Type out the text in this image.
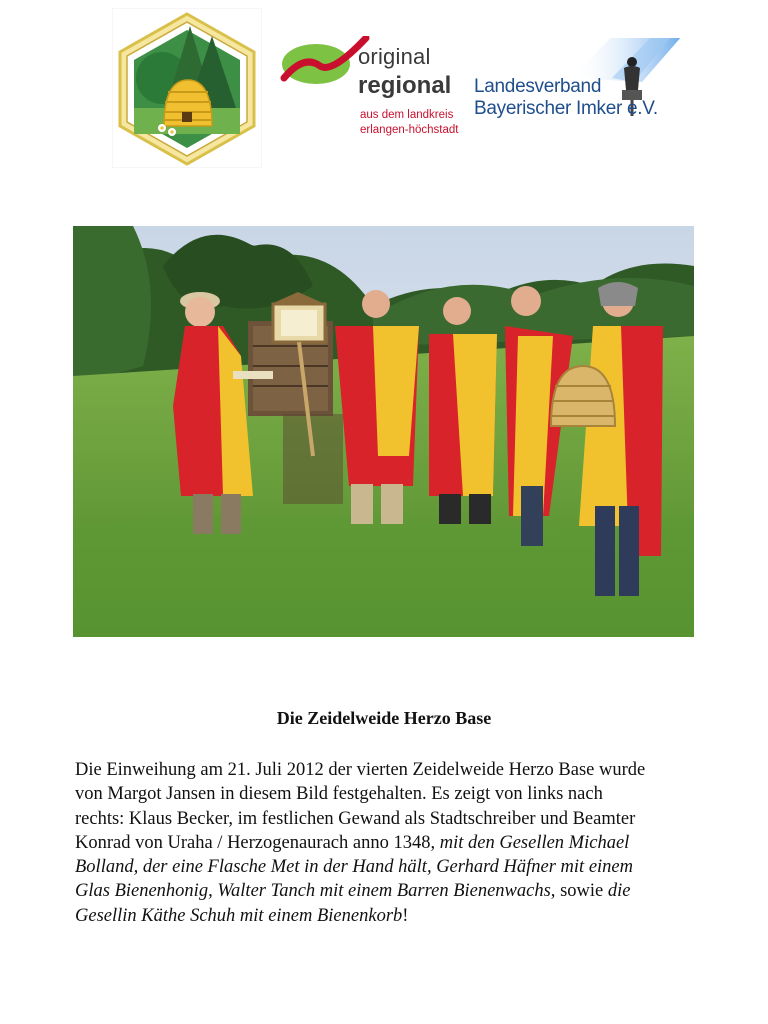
original
regional
aus dem landkreis
erlangen-höchstadt
Landesverband
Bayerischer Imker e.V.
Die Zeidelweide Herzo Base

Die Einweihung am 21. Juli 2012 der vierten Zeidelweide Herzo Base wurde

von Margot Jansen in diesem Bild festgehalten. Es zeigt von links nach

rechts: Klaus Becker, im festlichen Gewand als Stadtschreiber und Beamter

Konrad von Uraha / Herzogenaurach anno 1348, mit den Gesellen Michael

Bolland, der eine Flasche Met in der Hand hält, Gerhard Häfner mit einem

Glas Bienenhonig, Walter Tanch mit einem Barren Bienenwachs, sowie die

Gesellin Käthe Schuh mit einem Bienenkorb!
